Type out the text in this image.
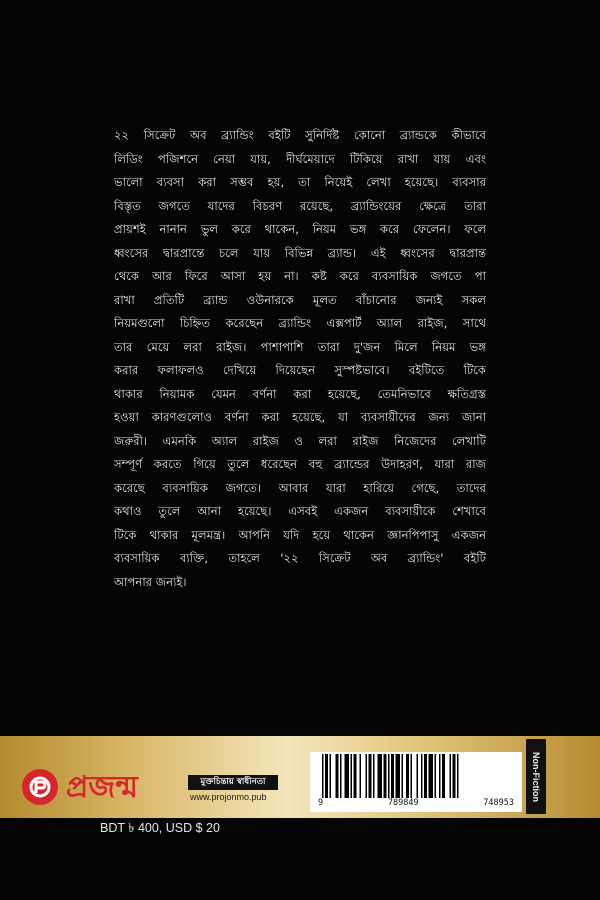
২২ সিক্রেট অব ব্র্যান্ডিং বইটি সুনির্দিষ্ট কোনো ব্র্যান্ডকে কীভাবে
লিডিং পজিশনে নেয়া যায়, দীর্ঘমেয়াদে টিকিয়ে রাখা যায় এবং
ভালো ব্যবসা করা সম্ভব হয়, তা নিয়েই লেখা হয়েছে। ব্যবসার
বিস্তৃত জগতে যাদের বিচরণ রয়েছে, ব্র্যান্ডিংয়ের ক্ষেত্রে তারা
প্রায়শই নানান ভুল করে থাকেন, নিয়ম ভঙ্গ করে ফেলেন। ফলে
ধ্বংসের দ্বারপ্রান্তে চলে যায় বিভিন্ন ব্র্যান্ড। এই ধ্বংসের দ্বারপ্রান্ত
থেকে আর ফিরে আসা হয় না। কষ্ট করে ব্যবসায়িক জগতে পা
রাখা প্রতিটি ব্র্যান্ড ওউনারকে মূলত বাঁচানোর জন্যই সকল
নিয়মগুলো চিহ্নিত করেছেন ব্র্যান্ডিং এক্সপার্ট অ্যাল রাইজ, সাথে
তার মেয়ে লরা রাইজ। পাশাপাশি তারা দু'জন মিলে নিয়ম ভঙ্গ
করার ফলাফলও দেখিয়ে দিয়েছেন সুস্পষ্টভাবে। বইটিতে টিকে
থাকার নিয়ামক যেমন বর্ণনা করা হয়েছে, তেমনিভাবে ক্ষতিগ্রস্ত
হওয়া কারণগুলোও বর্ণনা করা হয়েছে, যা ব্যবসায়ীদের জন্য জানা
জরুরী। এমনকি অ্যাল রাইজ ও লরা রাইজ নিজেদের লেখাটি
সম্পূর্ণ করতে গিয়ে তুলে ধরেছেন বহু ব্র্যান্ডের উদাহরণ, যারা রাজ
করেছে ব্যবসায়িক জগতে। আবার যারা হারিয়ে গেছে, তাদের
কথাও তুলে আনা হয়েছে। এসবই একজন ব্যবসায়ীকে শেখাবে
টিকে থাকার মূলমন্ত্র। আপনি যদি হয়ে থাকেন জ্ঞানপিপাসু একজন
ব্যবসায়িক ব্যক্তি, তাহলে '২২ সিক্রেট অব ব্র্যান্ডিং' বইটি
আপনার জন্যই।
প্রজন্ম	মুক্তচিন্তায় স্বাধীনতা
www.projonmo.pub
9	789849	748953
Non-Fiction
BDT ৳ 400, USD $ 20
